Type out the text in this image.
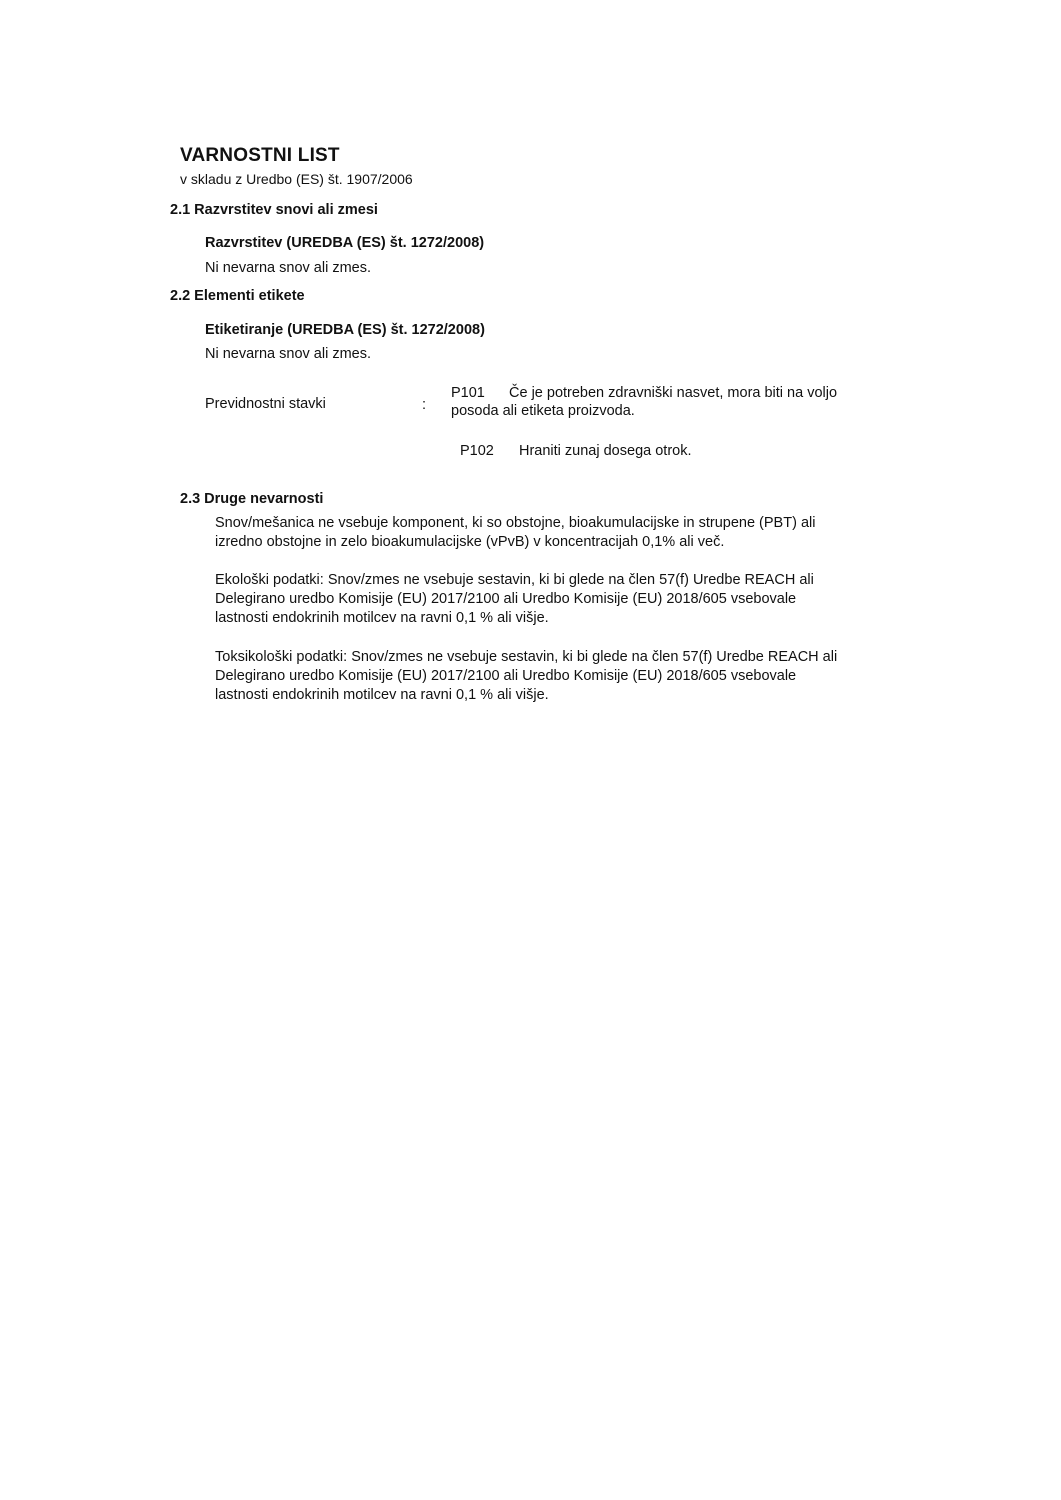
VARNOSTNI LIST
v skladu z Uredbo (ES) št. 1907/2006
2.1 Razvrstitev snovi ali zmesi
Razvrstitev (UREDBA (ES) št. 1272/2008)
Ni nevarna snov ali zmes.
2.2 Elementi etikete
Etiketiranje (UREDBA (ES) št. 1272/2008)
Ni nevarna snov ali zmes.
Previdnostni stavki	:
P101 Če je potreben zdravniški nasvet, mora biti na voljo
posoda ali etiketa proizvoda.
P102 Hraniti zunaj dosega otrok.
2.3 Druge nevarnosti
Snov/mešanica ne vsebuje komponent, ki so obstojne, bioakumulacijske in strupene (PBT) ali
izredno obstojne in zelo bioakumulacijske (vPvB) v koncentracijah 0,1% ali več.
Ekološki podatki: Snov/zmes ne vsebuje sestavin, ki bi glede na člen 57(f) Uredbe REACH ali
Delegirano uredbo Komisije (EU) 2017/2100 ali Uredbo Komisije (EU) 2018/605 vsebovale
lastnosti endokrinih motilcev na ravni 0,1 % ali višje.
Toksikološki podatki: Snov/zmes ne vsebuje sestavin, ki bi glede na člen 57(f) Uredbe REACH ali
Delegirano uredbo Komisije (EU) 2017/2100 ali Uredbo Komisije (EU) 2018/605 vsebovale
lastnosti endokrinih motilcev na ravni 0,1 % ali višje.
